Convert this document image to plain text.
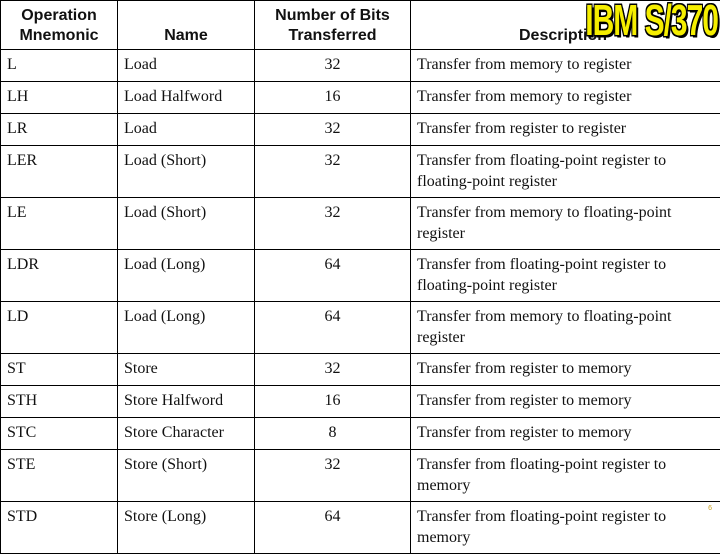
Operation Mnemonic	Name	Number of Bits Transferred	Description
L	Load	32	Transfer from memory to register
LH	Load Halfword	16	Transfer from memory to register
LR	Load	32	Transfer from register to register
LER	Load (Short)	32	Transfer from floating-point register to floating-point register
LE	Load (Short)	32	Transfer from memory to floating-point register
LDR	Load (Long)	64	Transfer from floating-point register to floating-point register
LD	Load (Long)	64	Transfer from memory to floating-point register
ST	Store	32	Transfer from register to memory
STH	Store Halfword	16	Transfer from register to memory
STC	Store Character	8	Transfer from register to memory
STE	Store (Short)	32	Transfer from floating-point register to memory
STD	Store (Long)	64	Transfer from floating-point register to memory
IBM S/370
6
